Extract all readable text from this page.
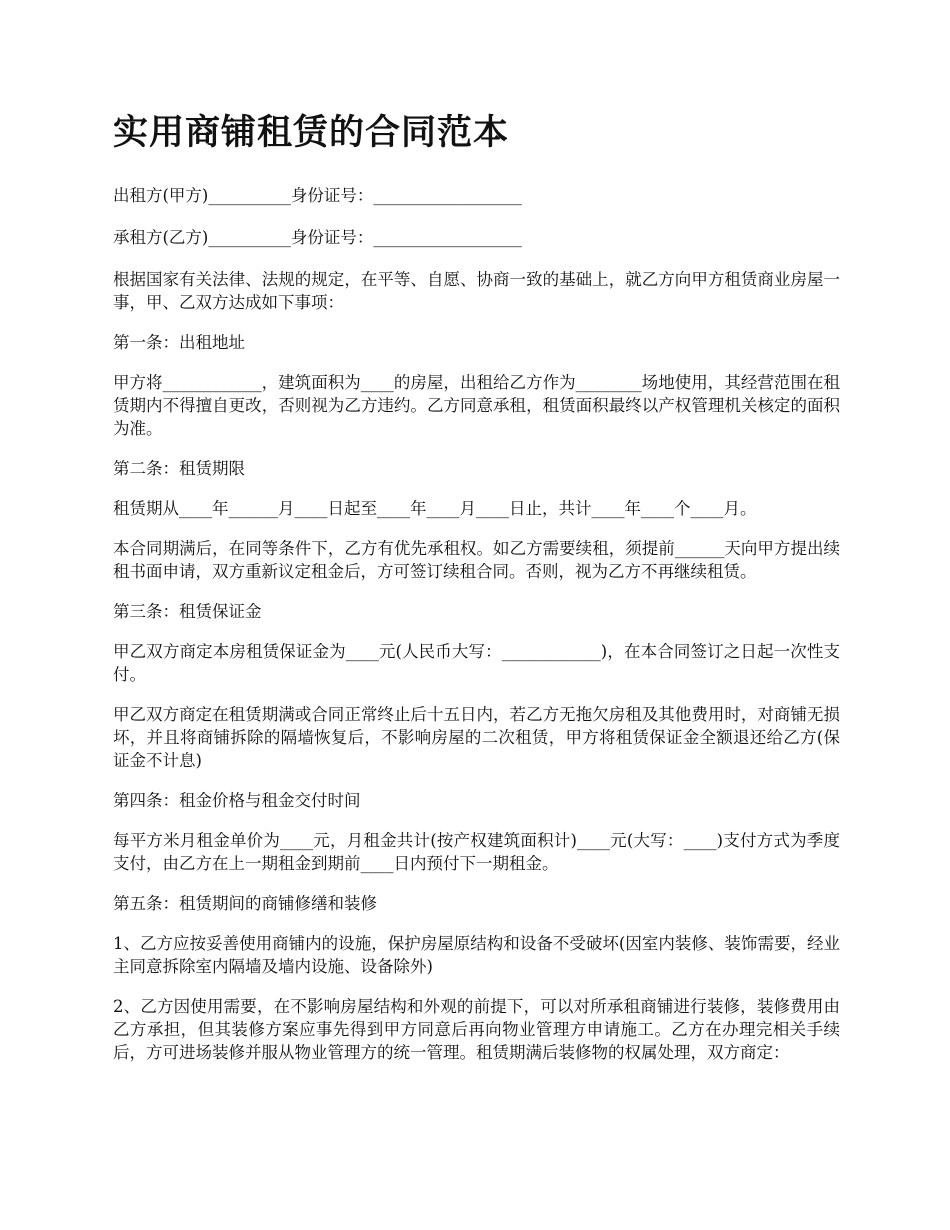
实用商铺租赁的合同范本

出租方(甲方)__________身份证号：__________________

承租方(乙方)__________身份证号：__________________

根据国家有关法律、法规的规定，在平等、自愿、协商一致的基础上，就乙方向甲方租赁商业房屋一事，甲、乙双方达成如下事项：

第一条：出租地址

甲方将____________，建筑面积为____的房屋，出租给乙方作为________场地使用，其经营范围在租赁期内不得擅自更改，否则视为乙方违约。乙方同意承租，租赁面积最终以产权管理机关核定的面积为准。

第二条：租赁期限

租赁期从____年______月____日起至____年____月____日止，共计____年____个____月。

本合同期满后，在同等条件下，乙方有优先承租权。如乙方需要续租，须提前______天向甲方提出续租书面申请，双方重新议定租金后，方可签订续租合同。否则，视为乙方不再继续租赁。

第三条：租赁保证金

甲乙双方商定本房租赁保证金为____元(人民币大写：____________)，在本合同签订之日起一次性支付。

甲乙双方商定在租赁期满或合同正常终止后十五日内，若乙方无拖欠房租及其他费用时，对商铺无损坏，并且将商铺拆除的隔墙恢复后，不影响房屋的二次租赁，甲方将租赁保证金全额退还给乙方(保证金不计息)

第四条：租金价格与租金交付时间

每平方米月租金单价为____元，月租金共计(按产权建筑面积计)____元(大写：____)支付方式为季度支付，由乙方在上一期租金到期前____日内预付下一期租金。

第五条：租赁期间的商铺修缮和装修

1、乙方应按妥善使用商铺内的设施，保护房屋原结构和设备不受破坏(因室内装修、装饰需要，经业主同意拆除室内隔墙及墙内设施、设备除外)

2、乙方因使用需要，在不影响房屋结构和外观的前提下，可以对所承租商铺进行装修，装修费用由乙方承担，但其装修方案应事先得到甲方同意后再向物业管理方申请施工。乙方在办理完相关手续后，方可进场装修并服从物业管理方的统一管理。租赁期满后装修物的权属处理，双方商定：
